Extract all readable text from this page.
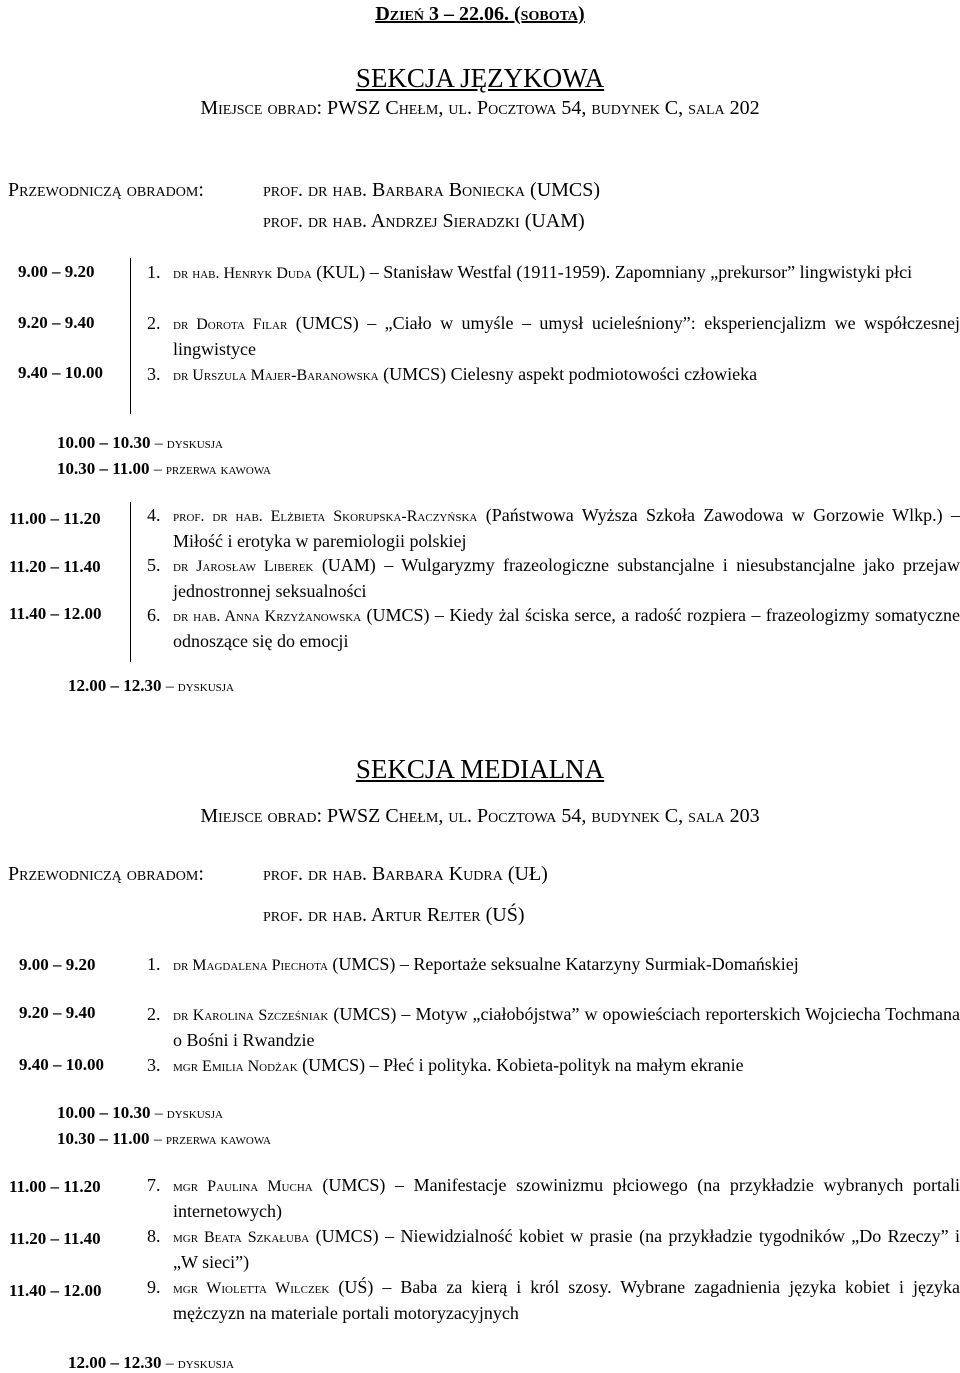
Dzień 3 – 22.06. (sobota)
SEKCJA JĘZYKOWA
Miejsce obrad: PWSZ Chełm, ul. Pocztowa 54, budynek C, sala 202
Przewodniczą obradom:	prof. dr hab. Barbara Boniecka (UMCS)
prof. dr hab. Andrzej Sieradzki (UAM)
9.00 – 9.20
9.20 – 9.40
9.40 – 10.00
1. dr hab. Henryk Duda (KUL) – Stanisław Westfal (1911-1959). Zapomniany „prekursor” lingwistyki płci
2. dr Dorota Filar (UMCS) – „Ciało w umyśle – umysł ucieleśniony”: eksperiencjalizm we współczesnej lingwistyce
3. dr Urszula Majer-Baranowska (UMCS) Cielesny aspekt podmiotowości człowieka
10.00 – 10.30 – dyskusja
10.30 – 11.00 – przerwa kawowa
11.00 – 11.20
11.20 – 11.40
11.40 – 12.00
4. prof. dr hab. Elżbieta Skorupska-Raczyńska (Państwowa Wyższa Szkoła Zawodowa w Gorzowie Wlkp.) – Miłość i erotyka w paremiologii polskiej
5. dr Jarosław Liberek (UAM) – Wulgaryzmy frazeologiczne substancjalne i niesubstancjalne jako przejaw jednostronnej seksualności
6. dr hab. Anna Krzyżanowska (UMCS) – Kiedy żal ściska serce, a radość rozpiera – frazeologizmy somatyczne odnoszące się do emocji
12.00 – 12.30 – dyskusja
SEKCJA MEDIALNA
Miejsce obrad: PWSZ Chełm, ul. Pocztowa 54, budynek C, sala 203
Przewodniczą obradom:	prof. dr hab. Barbara Kudra (UŁ)
prof. dr hab. Artur Rejter (UŚ)
9.00 – 9.20
9.20 – 9.40
9.40 – 10.00
1. dr Magdalena Piechota (UMCS) – Reportaże seksualne Katarzyny Surmiak-Domańskiej
2. dr Karolina Szcześniak (UMCS) – Motyw „ciałobójstwa” w opowieściach reporterskich Wojciecha Tochmana o Bośni i Rwandzie
3. mgr Emilia Nodżak (UMCS) – Płeć i polityka. Kobieta-polityk na małym ekranie
10.00 – 10.30 – dyskusja
10.30 – 11.00 – przerwa kawowa
11.00 – 11.20
11.20 – 11.40
11.40 – 12.00
7. mgr Paulina Mucha (UMCS) – Manifestacje szowinizmu płciowego (na przykładzie wybranych portali internetowych)
8. mgr Beata Szkałuba (UMCS) – Niewidzialność kobiet w prasie (na przykładzie tygodników „Do Rzeczy” i „W sieci”)
9. mgr Wioletta Wilczek (UŚ) – Baba za kierą i król szosy. Wybrane zagadnienia języka kobiet i języka mężczyzn na materiale portali motoryzacyjnych
12.00 – 12.30 – dyskusja
